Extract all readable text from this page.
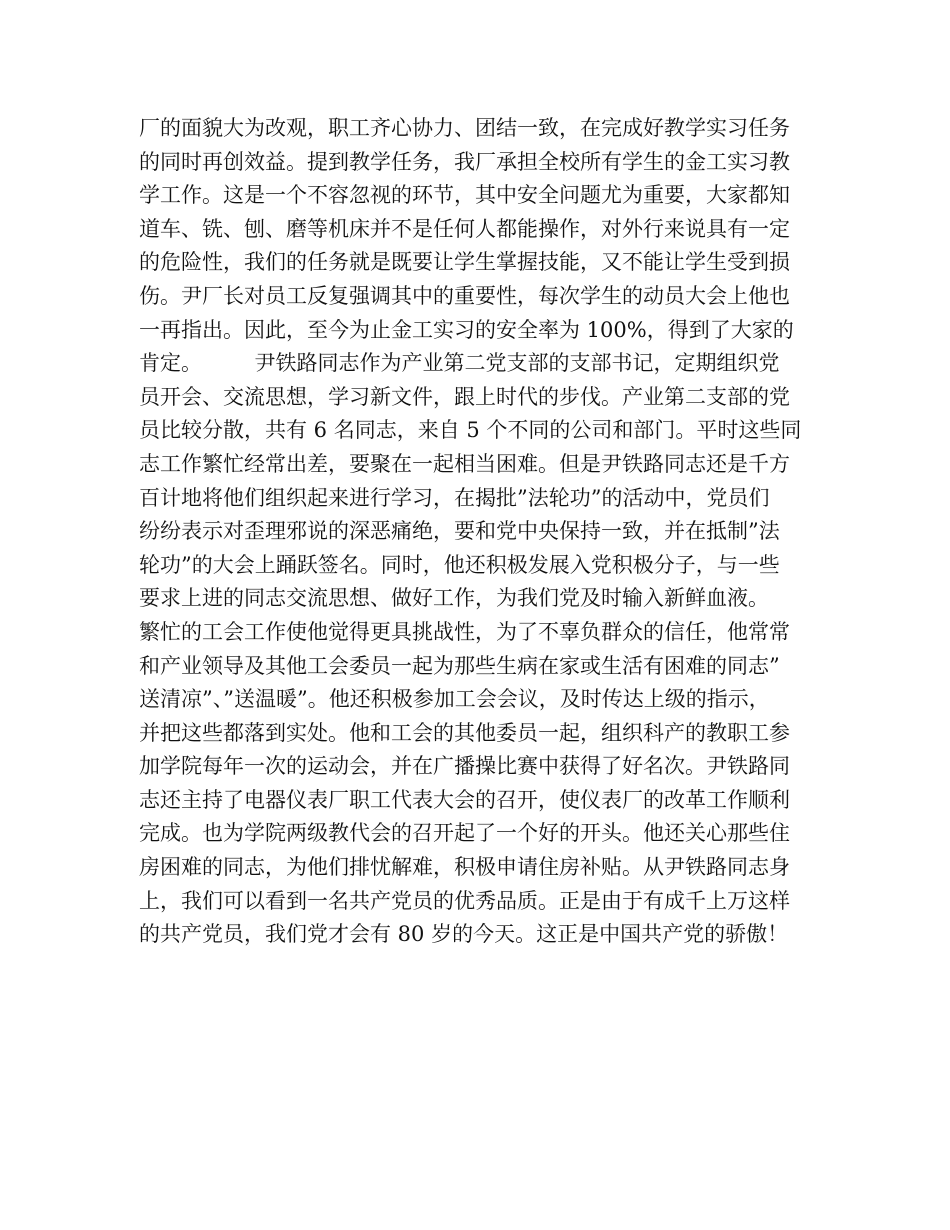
厂的面貌大为改观，职工齐心协力、团结一致，在完成好教学实习任务
的同时再创效益。提到教学任务，我厂承担全校所有学生的金工实习教
学工作。这是一个不容忽视的环节，其中安全问题尤为重要，大家都知
道车、铣、刨、磨等机床并不是任何人都能操作，对外行来说具有一定
的危险性，我们的任务就是既要让学生掌握技能，又不能让学生受到损
伤。尹厂长对员工反复强调其中的重要性，每次学生的动员大会上他也
一再指出。因此，至今为止金工实习的安全率为 100%，得到了大家的
肯定。　　　尹铁路同志作为产业第二党支部的支部书记，定期组织党
员开会、交流思想，学习新文件，跟上时代的步伐。产业第二支部的党
员比较分散，共有 6 名同志，来自 5 个不同的公司和部门。平时这些同
志工作繁忙经常出差，要聚在一起相当困难。但是尹铁路同志还是千方
百计地将他们组织起来进行学习，在揭批”法轮功”的活动中，党员们
纷纷表示对歪理邪说的深恶痛绝，要和党中央保持一致，并在抵制”法
轮功”的大会上踊跃签名。同时，他还积极发展入党积极分子，与一些
要求上进的同志交流思想、做好工作，为我们党及时输入新鲜血液。
繁忙的工会工作使他觉得更具挑战性，为了不辜负群众的信任，他常常
和产业领导及其他工会委员一起为那些生病在家或生活有困难的同志”
送清凉”、”送温暖”。他还积极参加工会会议，及时传达上级的指示，
并把这些都落到实处。他和工会的其他委员一起，组织科产的教职工参
加学院每年一次的运动会，并在广播操比赛中获得了好名次。尹铁路同
志还主持了电器仪表厂职工代表大会的召开，使仪表厂的改革工作顺利
完成。也为学院两级教代会的召开起了一个好的开头。他还关心那些住
房困难的同志，为他们排忧解难，积极申请住房补贴。从尹铁路同志身
上，我们可以看到一名共产党员的优秀品质。正是由于有成千上万这样
的共产党员，我们党才会有 80 岁的今天。这正是中国共产党的骄傲！
